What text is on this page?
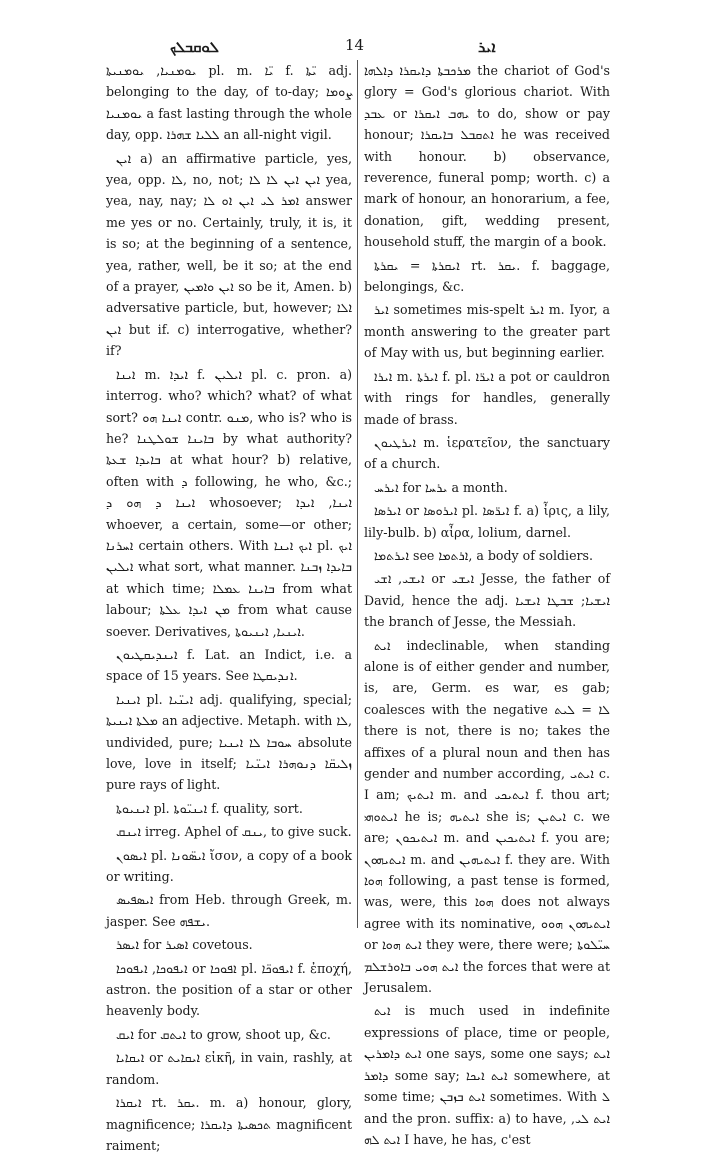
ܠܘܩܒܠܟ	14	ܐܝܪ

ܝܘܡܢܝܐ, ܝܘܡܢܝܬܐ pl. m. ܝ̈ܐ f. ܝ̈ܬܐ adj. belonging to the day, of to-day; ܨܘܡܐ ܝܘܡܢܝܐ a fast lasting through the whole day, opp. ܠܠܝܐ ܫܗܪܐ an all-night vigil.

ܐܝܢ a) an affirmative particle, yes, yea, opp. ܠܐ, no, not; ܐܝܢ ܐܝܢ ܠܐ ܠܐ yea, yea, nay, nay; ܐܡܪ ܠܝ ܐܝܢ ܐܘ ܠܐ answer me yes or no. Certainly, truly, it is, it is so; at the beginning of a sentence, yea, rather, well, be it so; at the end of a prayer, ܐܝܢ ܘܐܡܝܢ so be it, Amen. b) adversative particle, but, however; ܐܠܐ ܐܝܢ but if. c) interrogative, whether? if?

ܐܝܢܐ m. ܐܝܕܐ f. ܐܝܠܝܢ pl. c. pron. a) interrog. who? which? what? of what sort? ܐܝܢܐ ܗܘ contr. ܡܢܘ, who is? who is he? ܒܐܝܢܐ ܫܘܠܛܢܐ by what authority? ܒܐܝܕܐ ܫܥܬܐ at what hour? b) relative, often with ܕ following, he who, &c.; ܐܝܢܐ ܕ ܗܘ ܕ whosoever; ܐܝܢܐ, ܐܝܕܐ whoever, a certain, some—or other; ܐܚܪܢܐ certain others. With ܐܝܟ ܐܝܢܐ pl. ܐܝܟ ܐܝܠܝܢ what sort, what manner. ܒܐܝܕܐ ܙܒܢܐ at which time; ܒܐܝܢܐ ܥܡܠܐ from what labour; ܡܢ ܐܝܕܐ ܥܠܬܐ from what cause soever. Derivatives, ܐܝܢܝܐ, ܐܝܢܝܘܬܐ.

ܐܝܢܕܝܩܛܝܘܢ f. Lat. an Indict, i.e. a space of 15 years. See ܐܢܕܝܩܛܐ.

ܐܝܢܝܐ pl. ܐܝܢ̈ܝܐ adj. qualifying, special; ܡܠܬܐ ܐܝܢܝܬܐ an adjective. Metaph. with ܠܐ, undivided, pure; ܚܘܒܐ ܠܐ ܐܝܢܝܐ absolute love, love in itself; ܙܠܝܩ̈ܐ ܕܢܘܗܪܐ ܐܝܢ̈ܝܐ pure rays of light.

ܐܝܢܝܘܬܐ pl. ܐܝܢܝ̈ܘܬܐ f. quality, sort.

ܐܝܢܩ irreg. Aphel of ܝܢܩ, to give suck.

ܐܝܣܘܢ pl. ܐܝܣ̈ܘܢܐ ἴσον, a copy of a book or writing.

ܐܝܣܦܝܣ from Heb. through Greek, m. jasper. See ܝܫܦܗ.

ܐܝܣܪ for ܐܣܝܪ covetous.

ܐܝܦܘܟܐ, ܐܝܦܘܟܐ or ܐܦܘܟܐ pl. ܐܝܦܘܟ̈ܐ f. ἐποχή, astron. the position of a star or other heavenly body.

ܐܝܩ for ܐܝܬܩ to grow, shoot up, &c.

ܐܝܩܐܝܐ or ܐܝܩܐܝܬ εἰκῆ, in vain, rashly, at random.

ܐܝܩܪܐ rt. ܝܩܪ. m. a) honour, glory, magnificence; ܬܟܣܝܬܐ ܕܐܝܩܪܐ magnificent raiment;

ܡܪܟܒܬܐ ܕܐܝܩܪܐ ܕܐܠܗܐ the chariot of God's glory = God's glorious chariot. With ܥܒܕ or ܝܗܒ ܐܝܩܪܐ to do, show or pay honour; ܐܬܩܒܠ ܒܐܝܩܪܐ he was received with honour. b) observance, reverence, funeral pomp; worth. c) a mark of honour, an honorarium, a fee, donation, gift, wedding present, household stuff, the margin of a book.

ܐܝܩܪܬܐ = ܝܩܪܬܐ rt. ܝܩܪ. f. baggage, belongings, &c.

ܐܝܪ sometimes mis-spelt ܐܝܪ m. Iyor, a month answering to the greater part of May with us, but beginning earlier.

ܐܝܪܐ m. ܐܝܪܬܐ f. pl. ܐܝܪ̈ܐ a pot or cauldron with rings for handles, generally made of brass.

ܐܝܪܛܝܘܢ m. ἱερατεῖον, the sanctuary of a church.

ܐܝܪܚ for ܝܪܚܐ a month.

ܐܝܪܣܐ or ܐܝܪܘܣܐ pl. ܐܝܪ̈ܣܐ f. a) ἶρις, a lily, lily-bulb. b) αἶρα, lolium, darnel.

ܐܝܪܬܡܐ see ܐܪܬܡܐ, a body of soldiers.

ܐܝܫܝ, ܐܫܝ or ܐܝܫܝ Jesse, the father of David, hence the adj. ܐܝܫܝܐ; ܫܒܛܐ ܐܝܫܝܐ the branch of Jesse, the Messiah.

ܐܝܬ indeclinable, when standing alone is of either gender and number, is, are, Germ. es war, es gab; coalesces with the negative ܠܐ = ܠܝܬ there is not, there is no; takes the affixes of a plural noun and then has gender and number according, ܐܝܬܝ c. I am; ܐܝܬܝܟ m. and ܐܝܬܝܟܝ f. thou art; ܐܝܬܘܗܝ he is; ܐܝܬܝܗ she is; ܐܝܬܝܢ c. we are; ܐܝܬܝܟܘܢ m. and ܐܝܬܝܟܝܢ f. you are; ܐܝܬܝܗܘܢ m. and ܐܝܬܝܗܝܢ f. they are. With ܗܘܐ following, a past tense is formed, was, were, this ܗܘܐ does not always agree with its nominative, ܐܝܬܝܗܘܢ ܗܘܘ or ܐܝܬ ܗܘܐ they were, there were; ܚܝ̈ܠܘܬܐ ܐܝܬ ܗܘܝ ܒܐܘܪܫܠܡ the forces that were at Jerusalem.

ܐܝܬ is much used in indefinite expressions of place, time or people, ܐܝܬ ܕܐܡܪܝܢ one says, some one says; ܐܝܬ ܕܐܡܪ some say; ܐܝܬ ܐܝܟܐ somewhere, at some time; ܐܝܬ ܒܙܒܢ sometimes. With ܠ and the pron. suffix: a) to have, ܐܝܬ ܠܝ, ܐܝܬ ܠܗ I have, he has, c'est
